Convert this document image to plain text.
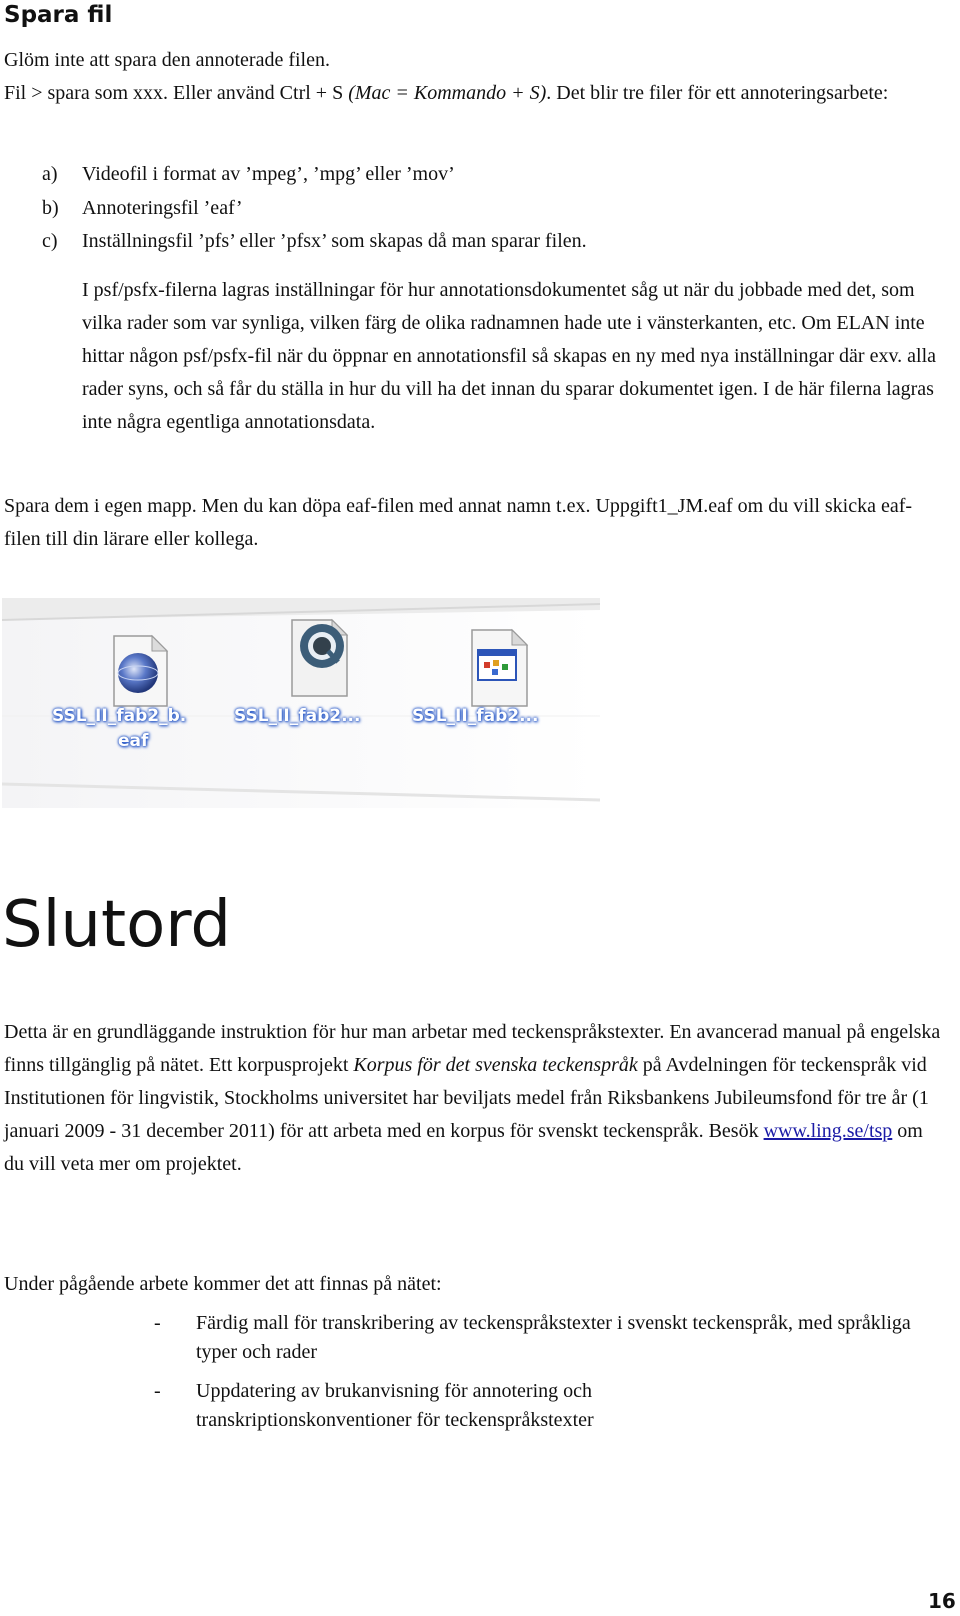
Spara fil
Glöm inte att spara den annoterade filen.
Fil > spara som xxx. Eller använd Ctrl + S (Mac = Kommando + S). Det blir tre filer för ett annoteringsarbete:
a)	Videofil i format av ’mpeg’, ’mpg’ eller ’mov’
b)	Annoteringsfil ’eaf’
c)	Inställningsfil ’pfs’ eller ’pfsx’ som skapas då man sparar filen.

I psf/psfx-filerna lagras inställningar för hur annotationsdokumentet såg ut när du jobbade med det, som vilka rader som var synliga, vilken färg de olika radnamnen hade ute i vänsterkanten, etc. Om ELAN inte hittar någon psf/psfx-fil när du öppnar en annotationsfil så skapas en ny med nya inställningar där exv. alla rader syns, och så får du ställa in hur du vill ha det innan du sparar dokumentet igen. I de här filerna lagras inte några egentliga annotationsdata.

Spara dem i egen mapp. Men du kan döpa eaf-filen med annat namn t.ex. Uppgift1_JM.eaf om du vill skicka eaf-filen till din lärare eller kollega.

SSL_II_fab2_b.
eaf
SSL_II_fab2...	SSL_II_fab2...
Slutord

Detta är en grundläggande instruktion för hur man arbetar med teckenspråkstexter. En avancerad manual på engelska finns tillgänglig på nätet. Ett korpusprojekt Korpus för det svenska teckenspråk på Avdelningen för teckenspråk vid Institutionen för lingvistik, Stockholms universitet har beviljats medel från Riksbankens Jubileumsfond för tre år (1 januari 2009 - 31 december 2011) för att arbeta med en korpus för svenskt teckenspråk. Besök www.ling.se/tsp om du vill veta mer om projektet.

Under pågående arbete kommer det att finnas på nätet:

-	Färdig mall för transkribering av teckenspråkstexter i svenskt teckenspråk, med språkliga typer och rader
-	Uppdatering av brukanvisning för annotering och transkriptionskonventioner för teckenspråkstexter
16
